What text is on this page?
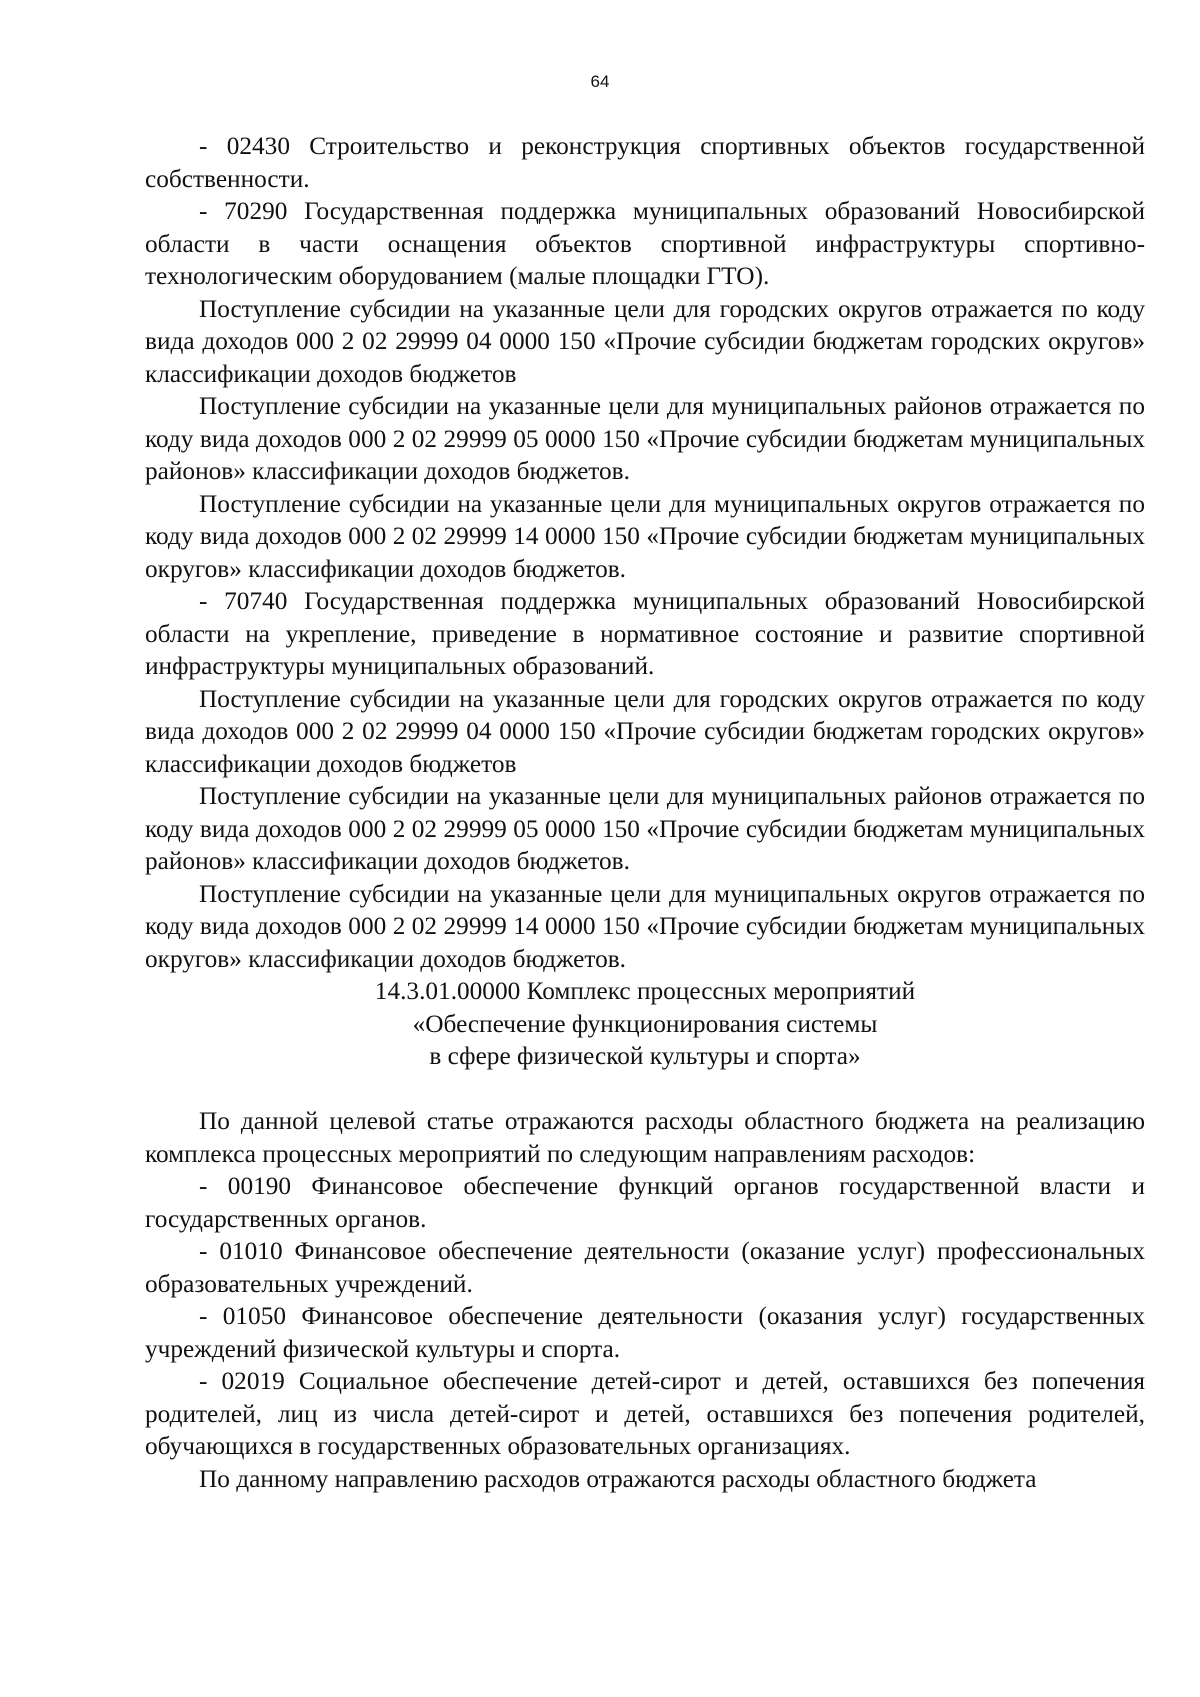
64

- 02430 Строительство и реконструкция спортивных объектов государственной собственности.

- 70290 Государственная поддержка муниципальных образований Новосибирской области в части оснащения объектов спортивной инфраструктуры спортивно-технологическим оборудованием (малые площадки ГТО).

Поступление субсидии на указанные цели для городских округов отражается по коду вида доходов 000 2 02 29999 04 0000 150 «Прочие субсидии бюджетам городских округов» классификации доходов бюджетов

Поступление субсидии на указанные цели для муниципальных районов отражается по коду вида доходов 000 2 02 29999 05 0000 150 «Прочие субсидии бюджетам муниципальных районов» классификации доходов бюджетов.

Поступление субсидии на указанные цели для муниципальных округов отражается по коду вида доходов 000 2 02 29999 14 0000 150 «Прочие субсидии бюджетам муниципальных округов» классификации доходов бюджетов.

- 70740 Государственная поддержка муниципальных образований Новосибирской области на укрепление, приведение в нормативное состояние и развитие спортивной инфраструктуры муниципальных образований.

Поступление субсидии на указанные цели для городских округов отражается по коду вида доходов 000 2 02 29999 04 0000 150 «Прочие субсидии бюджетам городских округов» классификации доходов бюджетов

Поступление субсидии на указанные цели для муниципальных районов отражается по коду вида доходов 000 2 02 29999 05 0000 150 «Прочие субсидии бюджетам муниципальных районов» классификации доходов бюджетов.

Поступление субсидии на указанные цели для муниципальных округов отражается по коду вида доходов 000 2 02 29999 14 0000 150 «Прочие субсидии бюджетам муниципальных округов» классификации доходов бюджетов.

14.3.01.00000 Комплекс процессных мероприятий

«Обеспечение функционирования системы

в сфере физической культуры и спорта»

По данной целевой статье отражаются расходы областного бюджета на реализацию комплекса процессных мероприятий по следующим направлениям расходов:

- 00190 Финансовое обеспечение функций органов государственной власти и государственных органов.

- 01010 Финансовое обеспечение деятельности (оказание услуг) профессиональных образовательных учреждений.

- 01050 Финансовое обеспечение деятельности (оказания услуг) государственных учреждений физической культуры и спорта.

- 02019 Социальное обеспечение детей-сирот и детей, оставшихся без попечения родителей, лиц из числа детей-сирот и детей, оставшихся без попечения родителей, обучающихся в государственных образовательных организациях.

По данному направлению расходов отражаются расходы областного бюджета
